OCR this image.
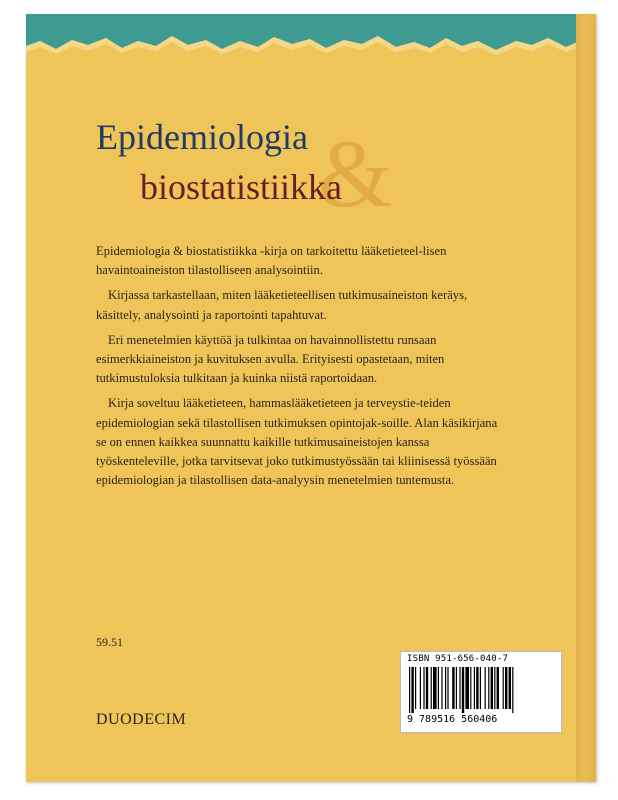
&
Epidemiologia
biostatistiikka

Epidemiologia & biostatistiikka -kirja on tarkoitettu lääketieteel-lisen havaintoaineiston tilastolliseen analysointiin.

Kirjassa tarkastellaan, miten lääketieteellisen tutkimusaineiston keräys, käsittely, analysointi ja raportointi tapahtuvat.

Eri menetelmien käyttöä ja tulkintaa on havainnollistettu runsaan esimerkkiaineiston ja kuvituksen avulla. Erityisesti opastetaan, miten tutkimustuloksia tulkitaan ja kuinka niistä raportoidaan.

Kirja soveltuu lääketieteen, hammaslääketieteen ja terveystie-teiden epidemiologian sekä tilastollisen tutkimuksen opintojak-soille. Alan käsikirjana se on ennen kaikkea suunnattu kaikille tutkimusaineistojen kanssa työskenteleville, jotka tarvitsevat joko tutkimustyössään tai kliinisessä työssään epidemiologian ja tilastollisen data-analyysin menetelmien tuntemusta.

59.51
DUODECIM
ISBN 951-656-040-7
9 789516 560406
